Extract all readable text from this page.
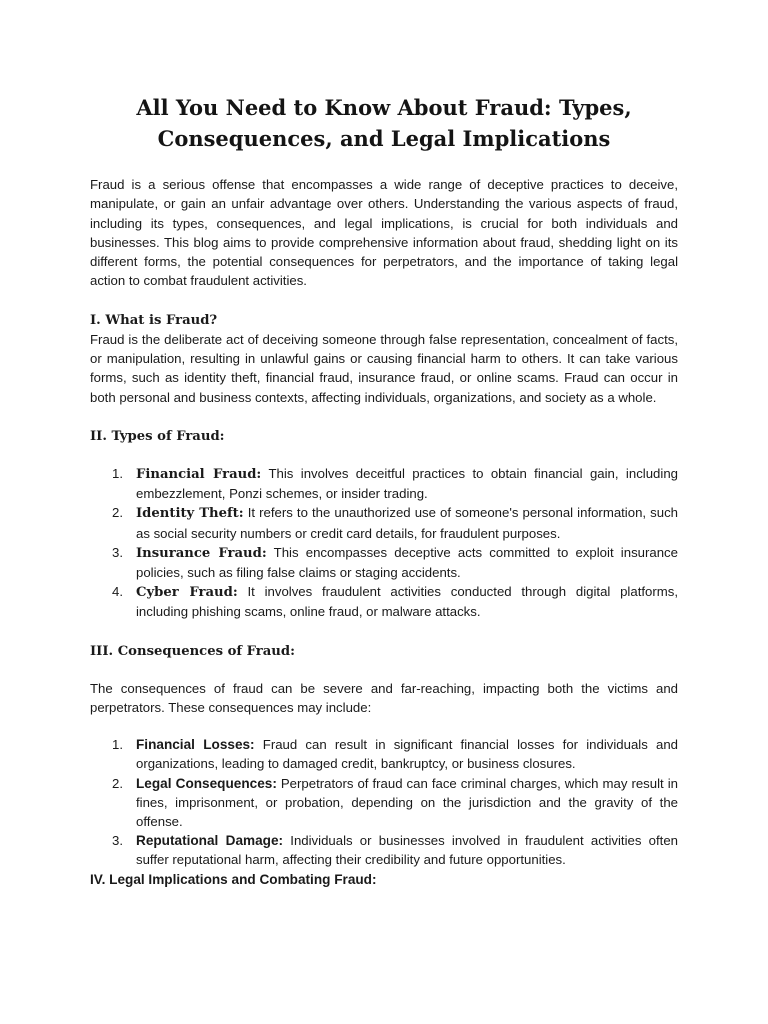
All You Need to Know About Fraud: Types, Consequences, and Legal Implications

Fraud is a serious offense that encompasses a wide range of deceptive practices to deceive, manipulate, or gain an unfair advantage over others. Understanding the various aspects of fraud, including its types, consequences, and legal implications, is crucial for both individuals and businesses. This blog aims to provide comprehensive information about fraud, shedding light on its different forms, the potential consequences for perpetrators, and the importance of taking legal action to combat fraudulent activities.

I. What is Fraud?

Fraud is the deliberate act of deceiving someone through false representation, concealment of facts, or manipulation, resulting in unlawful gains or causing financial harm to others. It can take various forms, such as identity theft, financial fraud, insurance fraud, or online scams. Fraud can occur in both personal and business contexts, affecting individuals, organizations, and society as a whole.

II. Types of Fraud:
1. Financial Fraud: This involves deceitful practices to obtain financial gain, including embezzlement, Ponzi schemes, or insider trading.
2. Identity Theft: It refers to the unauthorized use of someone's personal information, such as social security numbers or credit card details, for fraudulent purposes.
3. Insurance Fraud: This encompasses deceptive acts committed to exploit insurance policies, such as filing false claims or staging accidents.
4. Cyber Fraud: It involves fraudulent activities conducted through digital platforms, including phishing scams, online fraud, or malware attacks.
III. Consequences of Fraud:

The consequences of fraud can be severe and far-reaching, impacting both the victims and perpetrators. These consequences may include:

1. Financial Losses: Fraud can result in significant financial losses for individuals and organizations, leading to damaged credit, bankruptcy, or business closures.
2. Legal Consequences: Perpetrators of fraud can face criminal charges, which may result in fines, imprisonment, or probation, depending on the jurisdiction and the gravity of the offense.
3. Reputational Damage: Individuals or businesses involved in fraudulent activities often suffer reputational harm, affecting their credibility and future opportunities.
IV. Legal Implications and Combating Fraud:
